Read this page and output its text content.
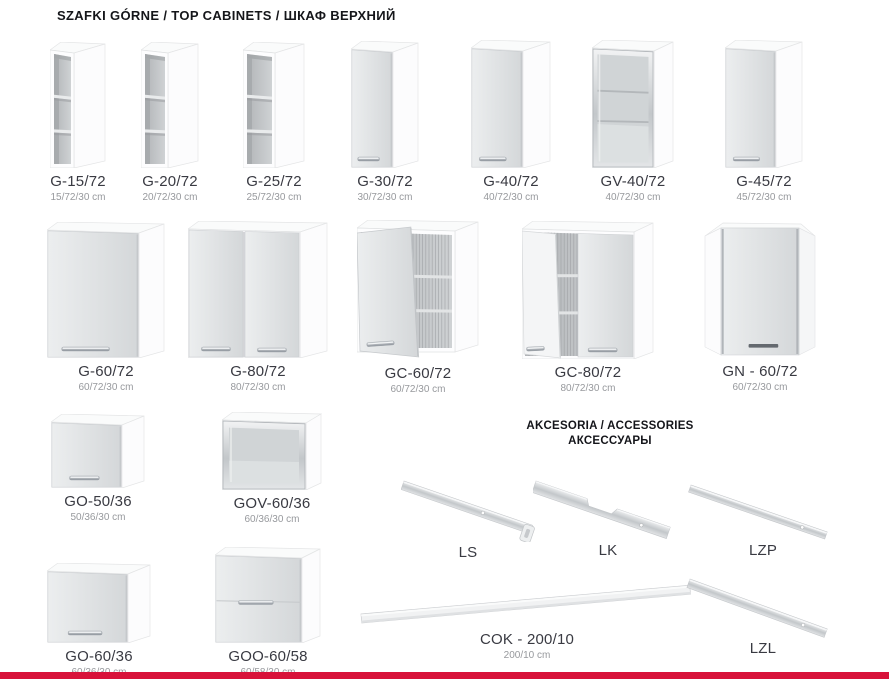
SZAFKI GÓRNE / TOP CABINETS / ШКАФ ВЕРХНИЙ
G-15/72
15/72/30 cm
G-20/72
20/72/30 cm
G-25/72
25/72/30 cm
G-30/72
30/72/30 cm
G-40/72
40/72/30 cm
GV-40/72
40/72/30 cm
G-45/72
45/72/30 cm
G-60/72
60/72/30 cm
G-80/72
80/72/30 cm
GC-60/72
60/72/30 cm
GC-80/72
80/72/30 cm
GN - 60/72
60/72/30 cm
GO-50/36
50/36/30 cm
GOV-60/36
60/36/30 cm
GO-60/36	GOO-60/58
AKCESORIA / ACCESSORIES
АКСЕССУАРЫ
LS	LK	LZP
COK - 200/10
200/10 cm	LZL
